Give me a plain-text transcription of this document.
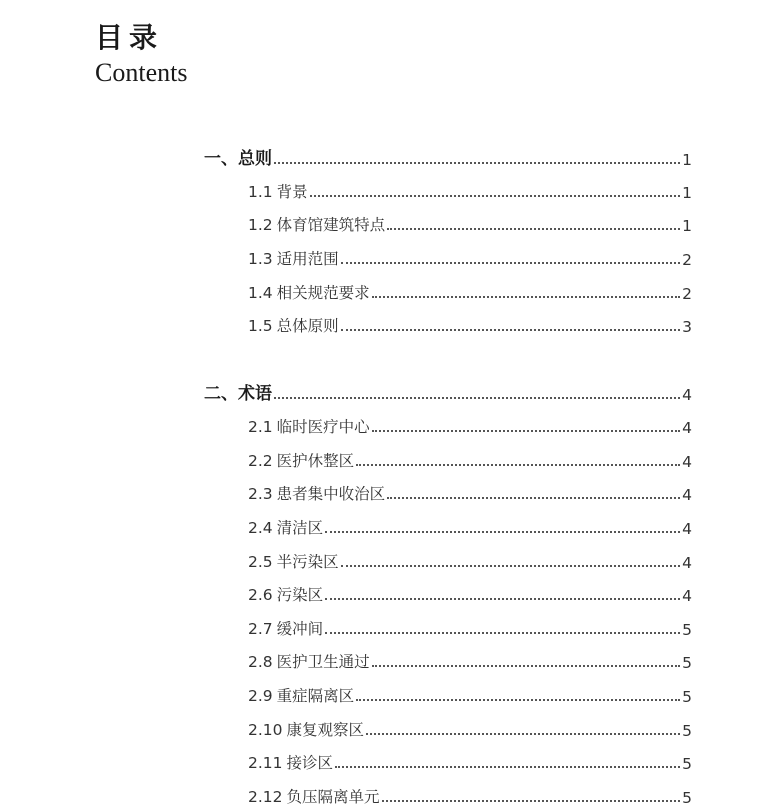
目录
Contents
一、总则	1
1.1 背景	1
1.2 体育馆建筑特点	1
1.3 适用范围	2
1.4 相关规范要求	2
1.5 总体原则	3
二、术语	4
2.1 临时医疗中心	4
2.2 医护休整区	4
2.3 患者集中收治区	4
2.4 清洁区	4
2.5 半污染区	4
2.6 污染区	4
2.7 缓冲间	5
2.8 医护卫生通过	5
2.9 重症隔离区	5
2.10 康复观察区	5
2.11 接诊区	5
2.12 负压隔离单元	5
